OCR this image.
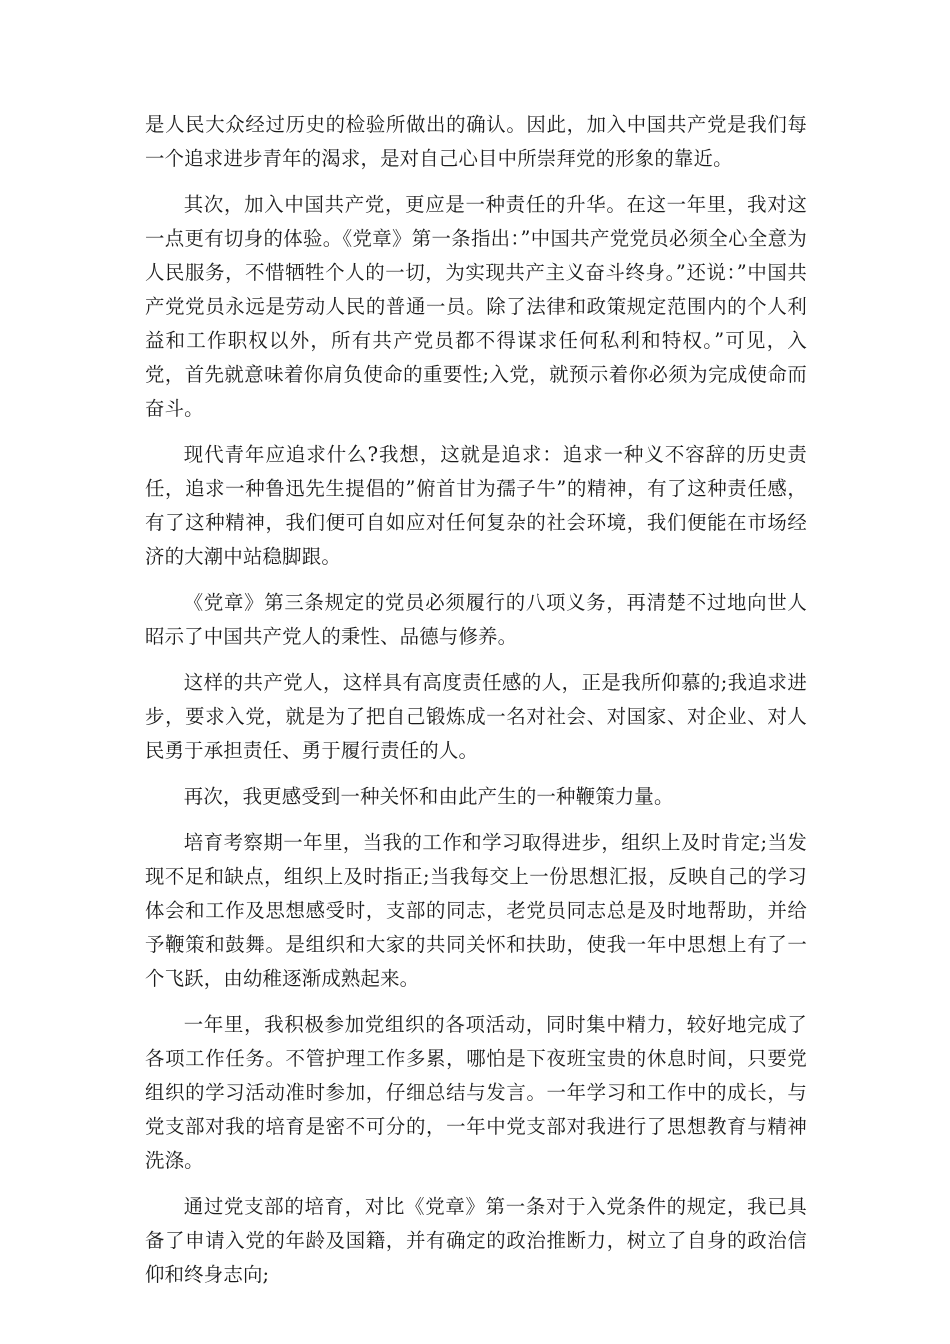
是人民大众经过历史的检验所做出的确认。因此，加入中国共产党是我们每一个追求进步青年的渴求，是对自己心目中所崇拜党的形象的靠近。

其次，加入中国共产党，更应是一种责任的升华。在这一年里，我对这一点更有切身的体验。《党章》第一条指出：”中国共产党党员必须全心全意为人民服务，不惜牺牲个人的一切，为实现共产主义奋斗终身。”还说：”中国共产党党员永远是劳动人民的普通一员。除了法律和政策规定范围内的个人利益和工作职权以外，所有共产党员都不得谋求任何私利和特权。”可见，入党，首先就意味着你肩负使命的重要性;入党，就预示着你必须为完成使命而奋斗。

现代青年应追求什么?我想，这就是追求：追求一种义不容辞的历史责任，追求一种鲁迅先生提倡的”俯首甘为孺子牛”的精神，有了这种责任感，有了这种精神，我们便可自如应对任何复杂的社会环境，我们便能在市场经济的大潮中站稳脚跟。

《党章》第三条规定的党员必须履行的八项义务，再清楚不过地向世人昭示了中国共产党人的秉性、品德与修养。

这样的共产党人，这样具有高度责任感的人，正是我所仰慕的;我追求进步，要求入党，就是为了把自己锻炼成一名对社会、对国家、对企业、对人民勇于承担责任、勇于履行责任的人。

再次，我更感受到一种关怀和由此产生的一种鞭策力量。

培育考察期一年里，当我的工作和学习取得进步，组织上及时肯定;当发现不足和缺点，组织上及时指正;当我每交上一份思想汇报，反映自己的学习体会和工作及思想感受时，支部的同志，老党员同志总是及时地帮助，并给予鞭策和鼓舞。是组织和大家的共同关怀和扶助，使我一年中思想上有了一个飞跃，由幼稚逐渐成熟起来。

一年里，我积极参加党组织的各项活动，同时集中精力，较好地完成了各项工作任务。不管护理工作多累，哪怕是下夜班宝贵的休息时间，只要党组织的学习活动准时参加，仔细总结与发言。一年学习和工作中的成长，与党支部对我的培育是密不可分的，一年中党支部对我进行了思想教育与精神洗涤。

通过党支部的培育，对比《党章》第一条对于入党条件的规定，我已具备了申请入党的年龄及国籍，并有确定的政治推断力，树立了自身的政治信仰和终身志向;
